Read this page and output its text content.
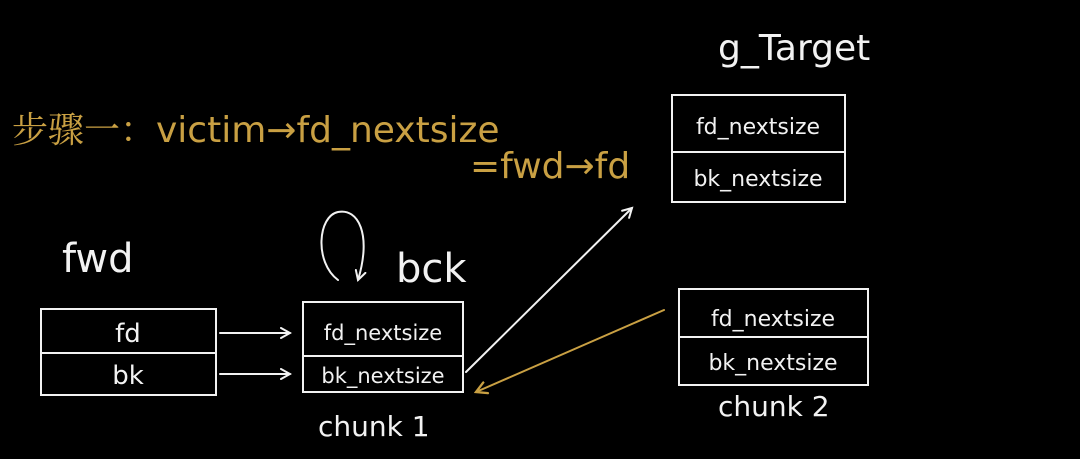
步骤一：victim→fd_nextsize
=fwd→fd
fwd
fd
bk
bck
fd_nextsize
bk_nextsize
chunk 1
g_Target
fd_nextsize
bk_nextsize
fd_nextsize
bk_nextsize
chunk 2
